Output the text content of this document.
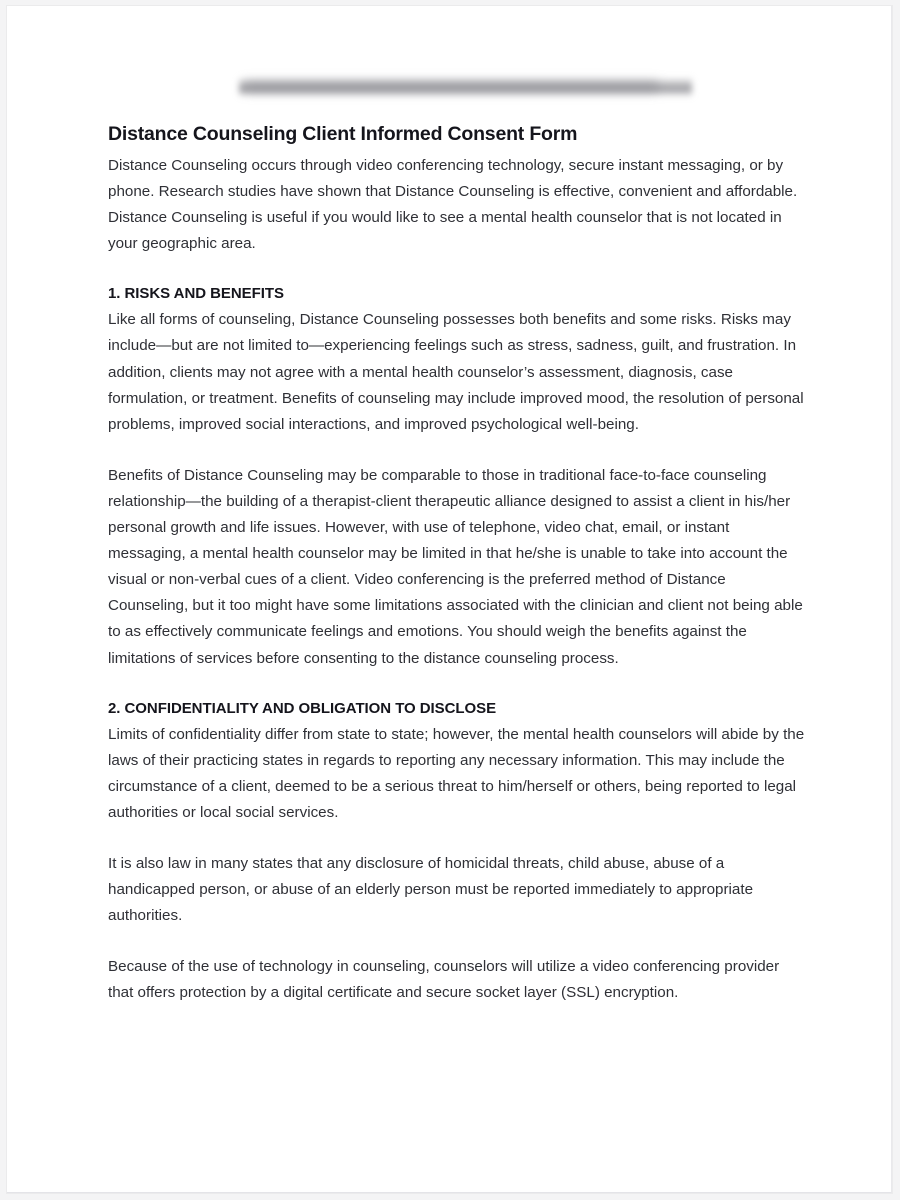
Distance Counseling Client Informed Consent Form

Distance Counseling occurs through video conferencing technology, secure instant messaging, or by phone. Research studies have shown that Distance Counseling is effective, convenient and affordable. Distance Counseling is useful if you would like to see a mental health counselor that is not located in your geographic area.

1. RISKS AND BENEFITS

Like all forms of counseling, Distance Counseling possesses both benefits and some risks. Risks may include—but are not limited to—experiencing feelings such as stress, sadness, guilt, and frustration. In addition, clients may not agree with a mental health counselor’s assessment, diagnosis, case formulation, or treatment. Benefits of counseling may include improved mood, the resolution of personal problems, improved social interactions, and improved psychological well-being.

Benefits of Distance Counseling may be comparable to those in traditional face-to-face counseling relationship—the building of a therapist-client therapeutic alliance designed to assist a client in his/her personal growth and life issues. However, with use of telephone, video chat, email, or instant messaging, a mental health counselor may be limited in that he/she is unable to take into account the visual or non-verbal cues of a client. Video conferencing is the preferred method of Distance Counseling, but it too might have some limitations associated with the clinician and client not being able to as effectively communicate feelings and emotions. You should weigh the benefits against the limitations of services before consenting to the distance counseling process.

2. CONFIDENTIALITY AND OBLIGATION TO DISCLOSE

Limits of confidentiality differ from state to state; however, the mental health counselors will abide by the laws of their practicing states in regards to reporting any necessary information. This may include the circumstance of a client, deemed to be a serious threat to him/herself or others, being reported to legal authorities or local social services.

It is also law in many states that any disclosure of homicidal threats, child abuse, abuse of a handicapped person, or abuse of an elderly person must be reported immediately to appropriate authorities.

Because of the use of technology in counseling, counselors will utilize a video conferencing provider that offers protection by a digital certificate and secure socket layer (SSL) encryption.
